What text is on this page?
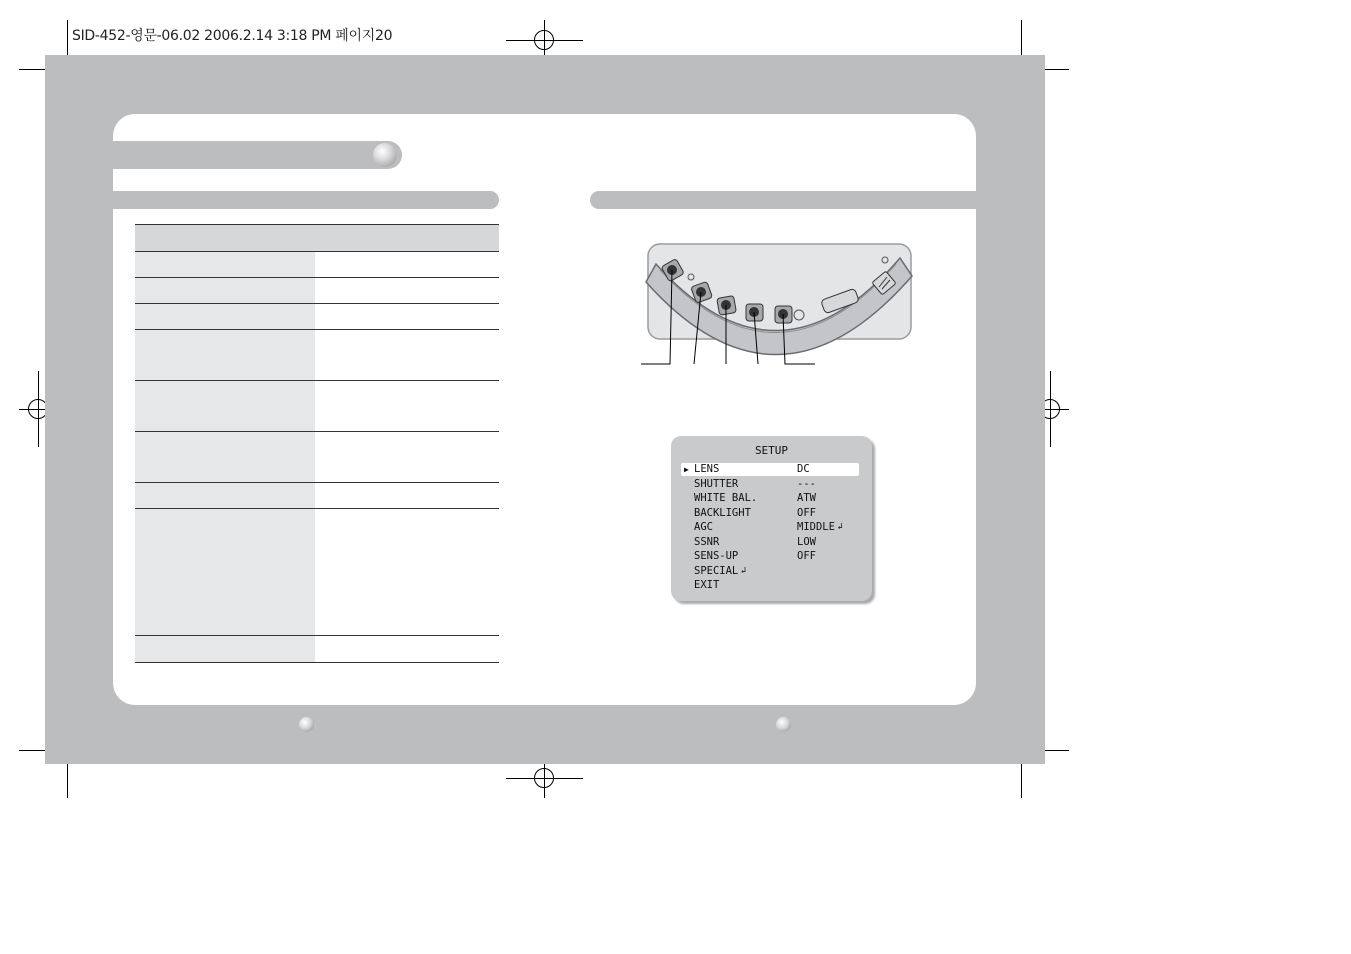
SID-452-영문-06.02 2006.2.14 3:18 PM 페이지20
SETUP
▶ LENS	DC
SHUTTER	---
WHITE BAL.	ATW
BACKLIGHT	OFF
AGC	MIDDLE ↲
SSNR	LOW
SENS-UP	OFF
SPECIAL ↲
EXIT
